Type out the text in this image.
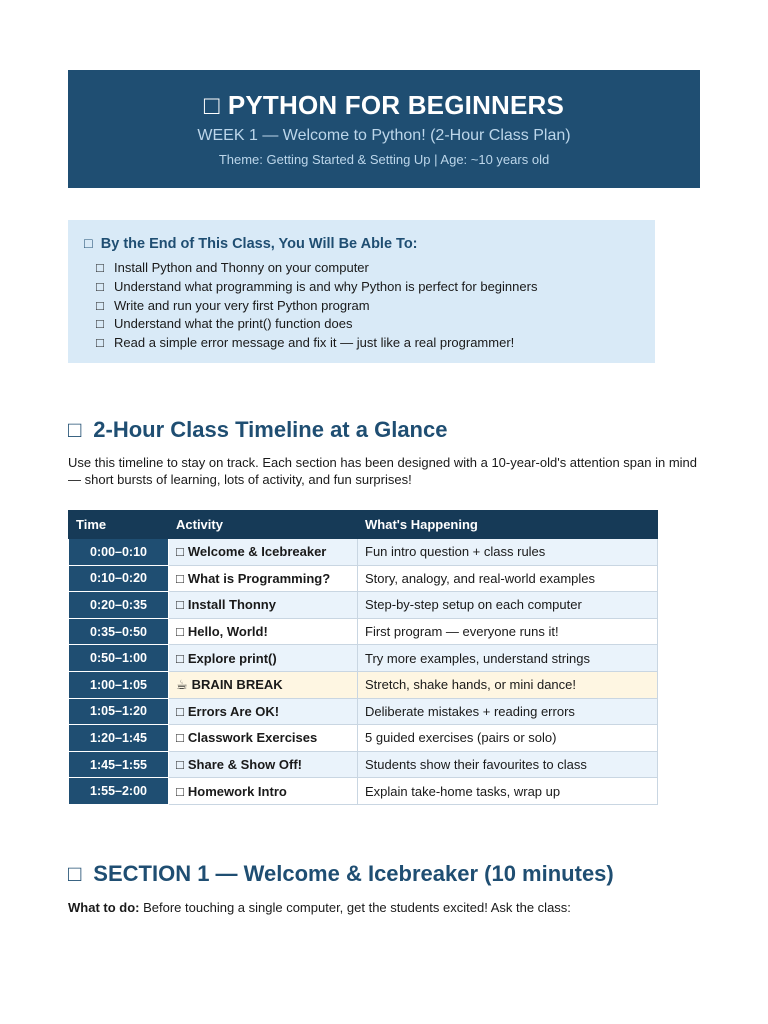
□ PYTHON FOR BEGINNERS
WEEK 1 — Welcome to Python! (2-Hour Class Plan)
Theme: Getting Started & Setting Up | Age: ~10 years old
□ By the End of This Class, You Will Be Able To:
□ Install Python and Thonny on your computer
□ Understand what programming is and why Python is perfect for beginners
□ Write and run your very first Python program
□ Understand what the print() function does
□ Read a simple error message and fix it — just like a real programmer!
□ 2-Hour Class Timeline at a Glance
Use this timeline to stay on track. Each section has been designed with a 10-year-old's attention span in mind — short bursts of learning, lots of activity, and fun surprises!
Time	Activity	What's Happening
0:00–0:10	□ Welcome & Icebreaker	Fun intro question + class rules
0:10–0:20	□ What is Programming?	Story, analogy, and real-world examples
0:20–0:35	□ Install Thonny	Step-by-step setup on each computer
0:35–0:50	□ Hello, World!	First program — everyone runs it!
0:50–1:00	□ Explore print()	Try more examples, understand strings
1:00–1:05	☕ BRAIN BREAK	Stretch, shake hands, or mini dance!
1:05–1:20	□ Errors Are OK!	Deliberate mistakes + reading errors
1:20–1:45	□ Classwork Exercises	5 guided exercises (pairs or solo)
1:45–1:55	□ Share & Show Off!	Students show their favourites to class
1:55–2:00	□ Homework Intro	Explain take-home tasks, wrap up
□ SECTION 1 — Welcome & Icebreaker (10 minutes)
What to do: Before touching a single computer, get the students excited! Ask the class:
